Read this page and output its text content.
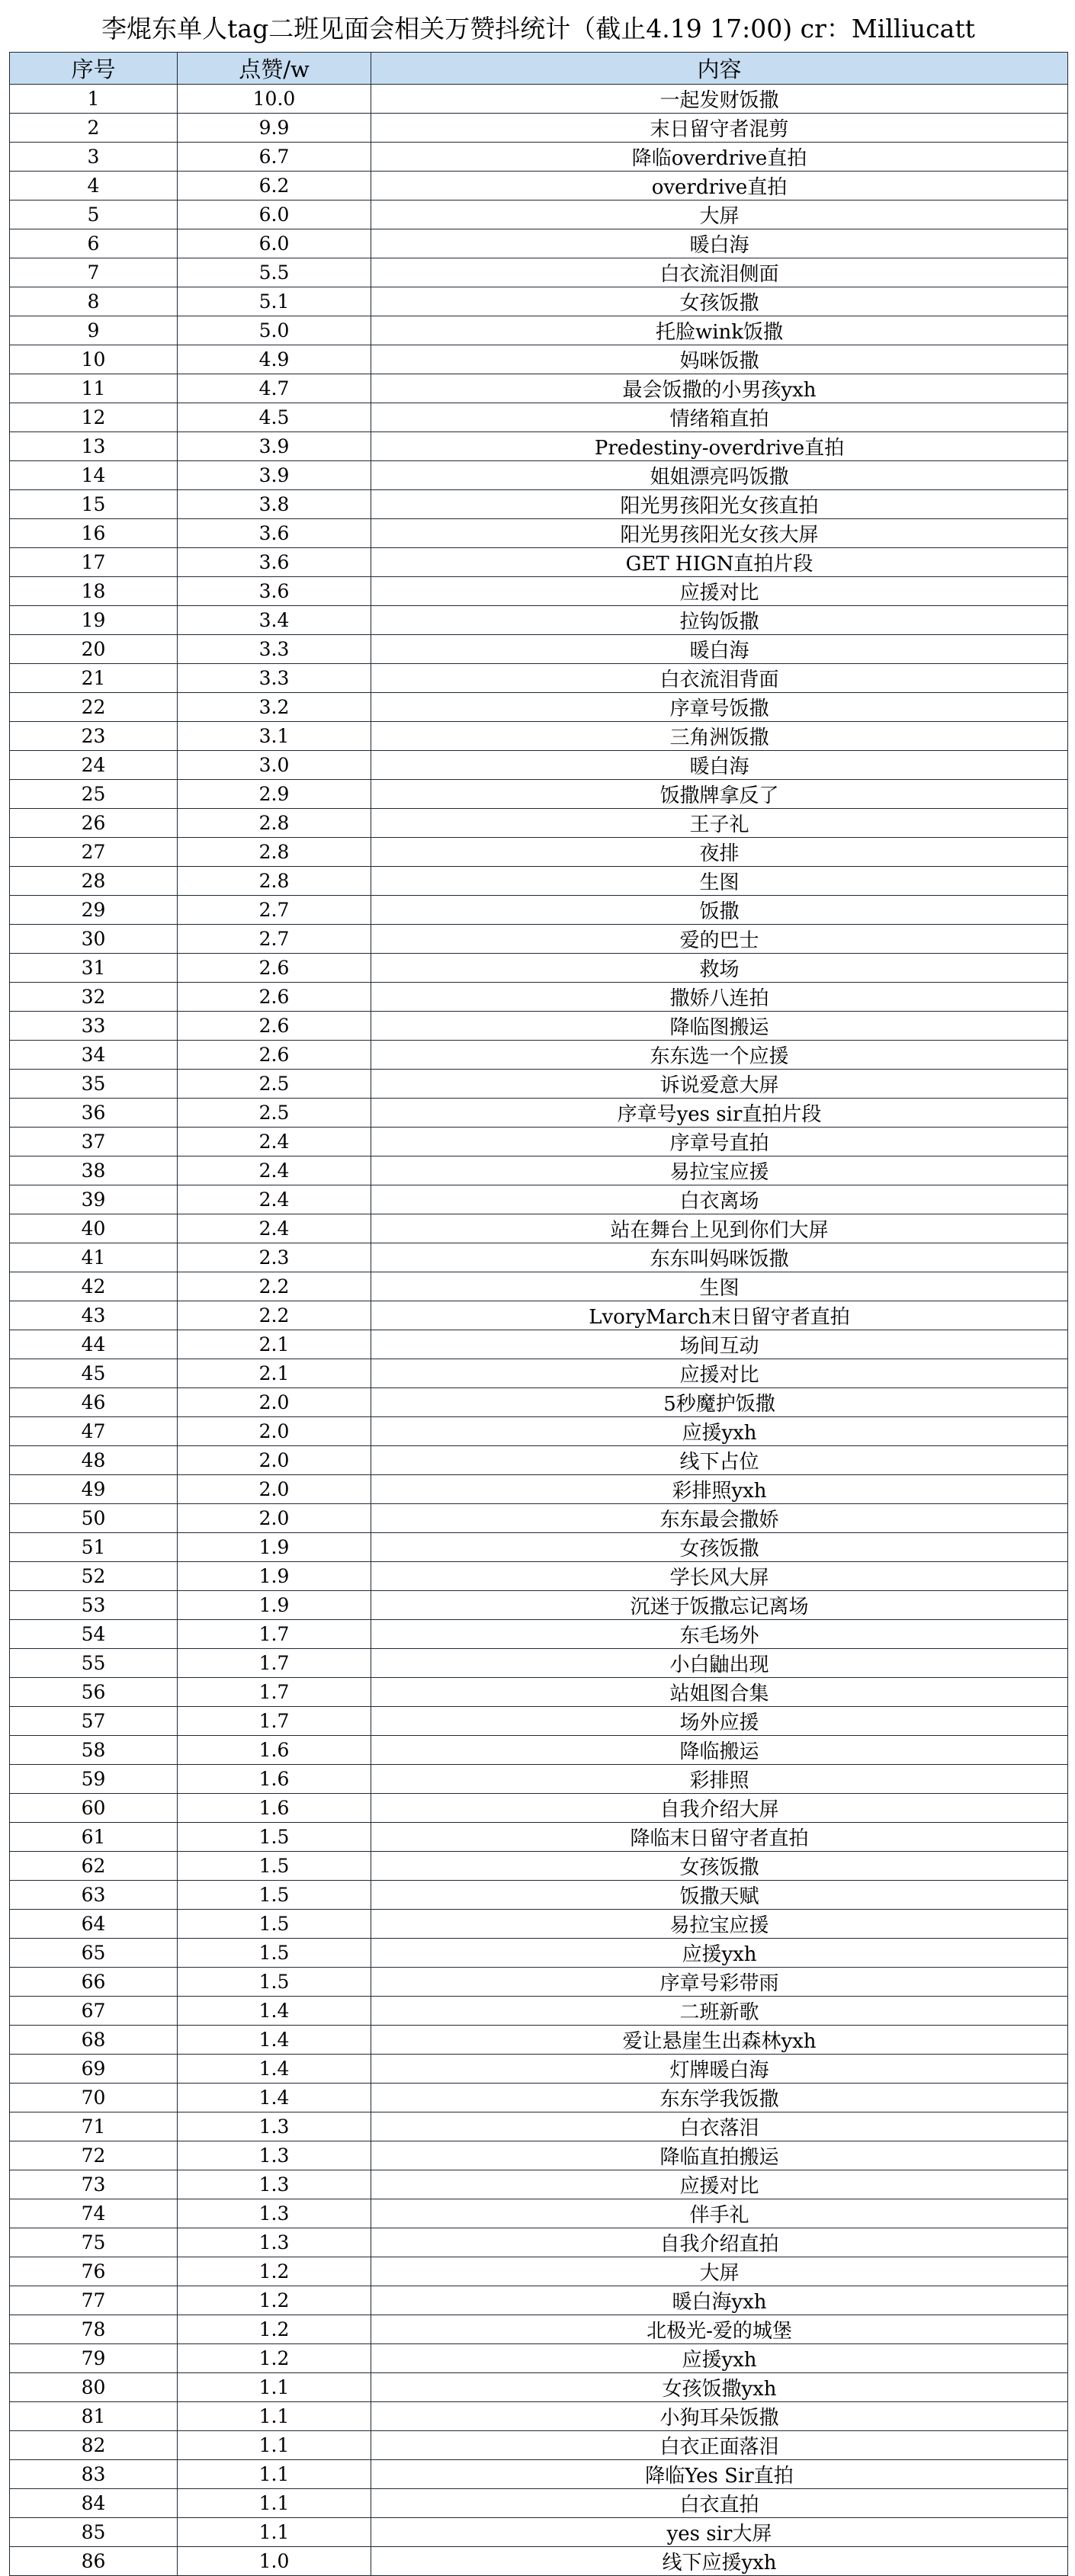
李焜东单人tag二班见面会相关万赞抖统计（截止4.19 17:00) cr：Milliucatt
序号	点赞/w	内容
1	10.0	一起发财饭撒
2	9.9	末日留守者混剪
3	6.7	降临overdrive直拍
4	6.2	overdrive直拍
5	6.0	大屏
6	6.0	暖白海
7	5.5	白衣流泪侧面
8	5.1	女孩饭撒
9	5.0	托脸wink饭撒
10	4.9	妈咪饭撒
11	4.7	最会饭撒的小男孩yxh
12	4.5	情绪箱直拍
13	3.9	Predestiny-overdrive直拍
14	3.9	姐姐漂亮吗饭撒
15	3.8	阳光男孩阳光女孩直拍
16	3.6	阳光男孩阳光女孩大屏
17	3.6	GET HIGN直拍片段
18	3.6	应援对比
19	3.4	拉钩饭撒
20	3.3	暖白海
21	3.3	白衣流泪背面
22	3.2	序章号饭撒
23	3.1	三角洲饭撒
24	3.0	暖白海
25	2.9	饭撒牌拿反了
26	2.8	王子礼
27	2.8	夜排
28	2.8	生图
29	2.7	饭撒
30	2.7	爱的巴士
31	2.6	救场
32	2.6	撒娇八连拍
33	2.6	降临图搬运
34	2.6	东东选一个应援
35	2.5	诉说爱意大屏
36	2.5	序章号yes sir直拍片段
37	2.4	序章号直拍
38	2.4	易拉宝应援
39	2.4	白衣离场
40	2.4	站在舞台上见到你们大屏
41	2.3	东东叫妈咪饭撒
42	2.2	生图
43	2.2	LvoryMarch末日留守者直拍
44	2.1	场间互动
45	2.1	应援对比
46	2.0	5秒魔护饭撒
47	2.0	应援yxh
48	2.0	线下占位
49	2.0	彩排照yxh
50	2.0	东东最会撒娇
51	1.9	女孩饭撒
52	1.9	学长风大屏
53	1.9	沉迷于饭撒忘记离场
54	1.7	东毛场外
55	1.7	小白鼬出现
56	1.7	站姐图合集
57	1.7	场外应援
58	1.6	降临搬运
59	1.6	彩排照
60	1.6	自我介绍大屏
61	1.5	降临末日留守者直拍
62	1.5	女孩饭撒
63	1.5	饭撒天赋
64	1.5	易拉宝应援
65	1.5	应援yxh
66	1.5	序章号彩带雨
67	1.4	二班新歌
68	1.4	爱让悬崖生出森林yxh
69	1.4	灯牌暖白海
70	1.4	东东学我饭撒
71	1.3	白衣落泪
72	1.3	降临直拍搬运
73	1.3	应援对比
74	1.3	伴手礼
75	1.3	自我介绍直拍
76	1.2	大屏
77	1.2	暖白海yxh
78	1.2	北极光-爱的城堡
79	1.2	应援yxh
80	1.1	女孩饭撒yxh
81	1.1	小狗耳朵饭撒
82	1.1	白衣正面落泪
83	1.1	降临Yes Sir直拍
84	1.1	白衣直拍
85	1.1	yes sir大屏
86	1.0	线下应援yxh
